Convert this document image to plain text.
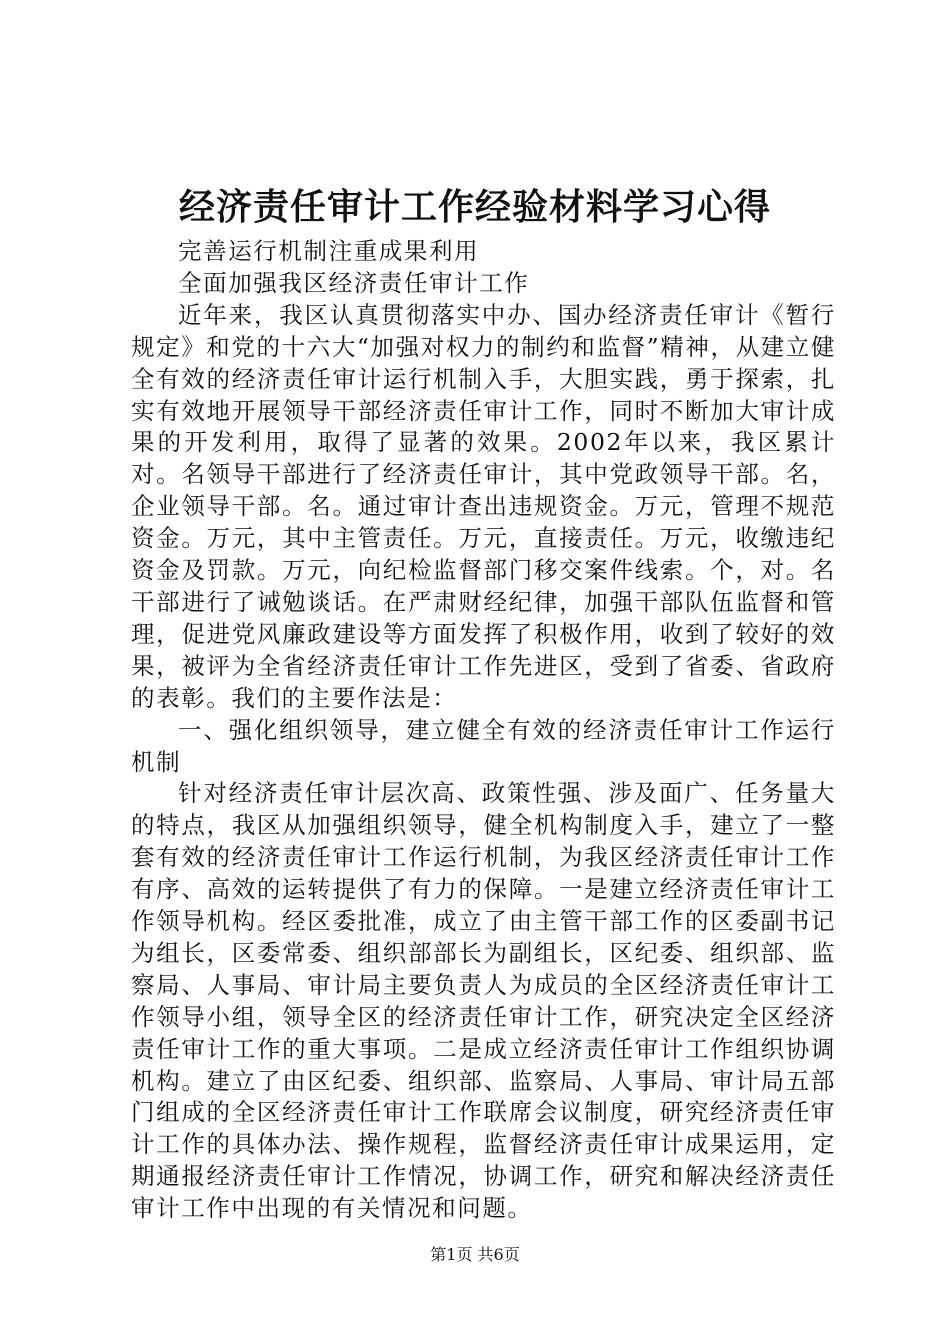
经济责任审计工作经验材料学习心得

完善运行机制注重成果利用

全面加强我区经济责任审计工作

近年来，我区认真贯彻落实中办、国办经济责任审计《暂行规定》和党的十六大“加强对权力的制约和监督”精神，从建立健全有效的经济责任审计运行机制入手，大胆实践，勇于探索，扎实有效地开展领导干部经济责任审计工作，同时不断加大审计成果的开发利用，取得了显著的效果。2002年以来，我区累计对。名领导干部进行了经济责任审计，其中党政领导干部。名，企业领导干部。名。通过审计查出违规资金。万元，管理不规范资金。万元，其中主管责任。万元，直接责任。万元，收缴违纪资金及罚款。万元，向纪检监督部门移交案件线索。个，对。名干部进行了诫勉谈话。在严肃财经纪律，加强干部队伍监督和管理，促进党风廉政建设等方面发挥了积极作用，收到了较好的效果，被评为全省经济责任审计工作先进区，受到了省委、省政府的表彰。我们的主要作法是：

一、强化组织领导，建立健全有效的经济责任审计工作运行机制

针对经济责任审计层次高、政策性强、涉及面广、任务量大的特点，我区从加强组织领导，健全机构制度入手，建立了一整套有效的经济责任审计工作运行机制，为我区经济责任审计工作有序、高效的运转提供了有力的保障。一是建立经济责任审计工作领导机构。经区委批准，成立了由主管干部工作的区委副书记为组长，区委常委、组织部部长为副组长，区纪委、组织部、监察局、人事局、审计局主要负责人为成员的全区经济责任审计工作领导小组，领导全区的经济责任审计工作，研究决定全区经济责任审计工作的重大事项。二是成立经济责任审计工作组织协调机构。建立了由区纪委、组织部、监察局、人事局、审计局五部门组成的全区经济责任审计工作联席会议制度，研究经济责任审计工作的具体办法、操作规程，监督经济责任审计成果运用，定期通报经济责任审计工作情况，协调工作，研究和解决经济责任审计工作中出现的有关情况和问题。

第1页 共6页
